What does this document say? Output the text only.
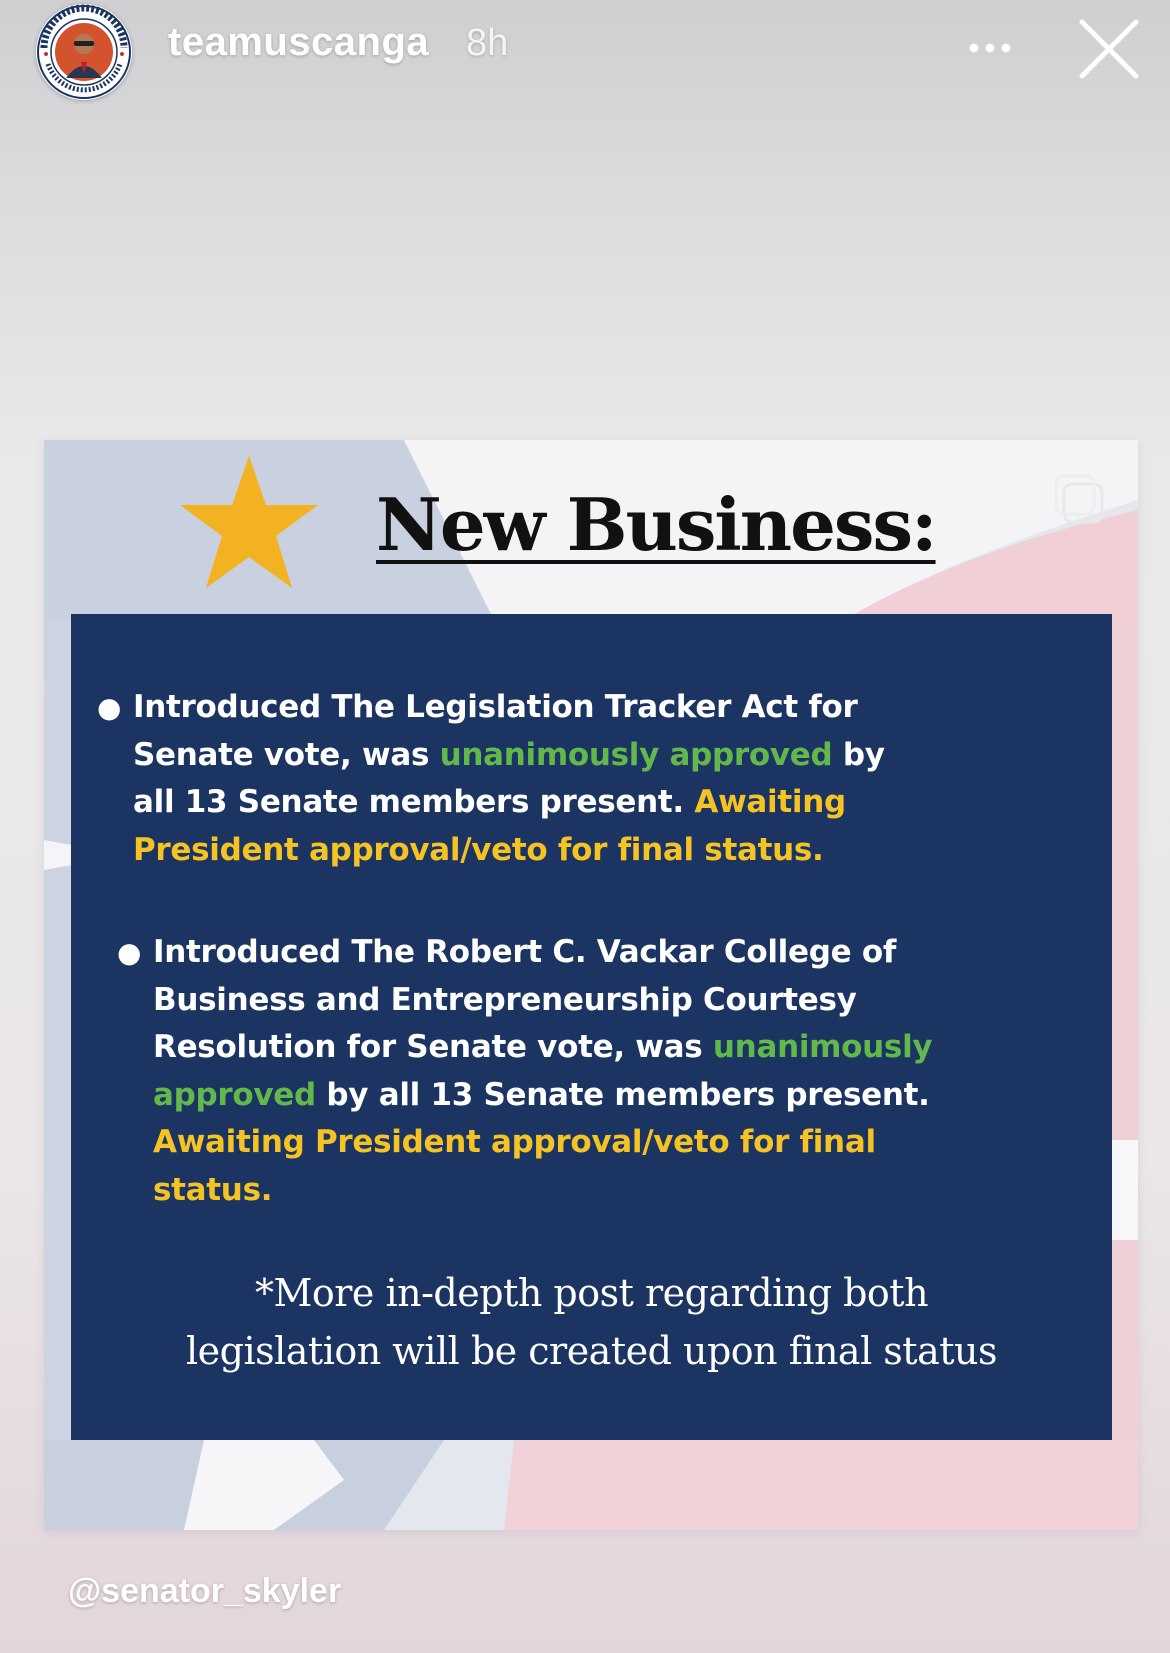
teamuscanga 8h
New Business:
● Introduced The Legislation Tracker Act for Senate vote, was unanimously approved by all 13 Senate members present. Awaiting President approval/veto for final status.
● Introduced The Robert C. Vackar College of Business and Entrepreneurship Courtesy Resolution for Senate vote, was unanimously approved by all 13 Senate members present. Awaiting President approval/veto for final status.
*More in-depth post regarding both
legislation will be created upon final status
@senator_skyler
